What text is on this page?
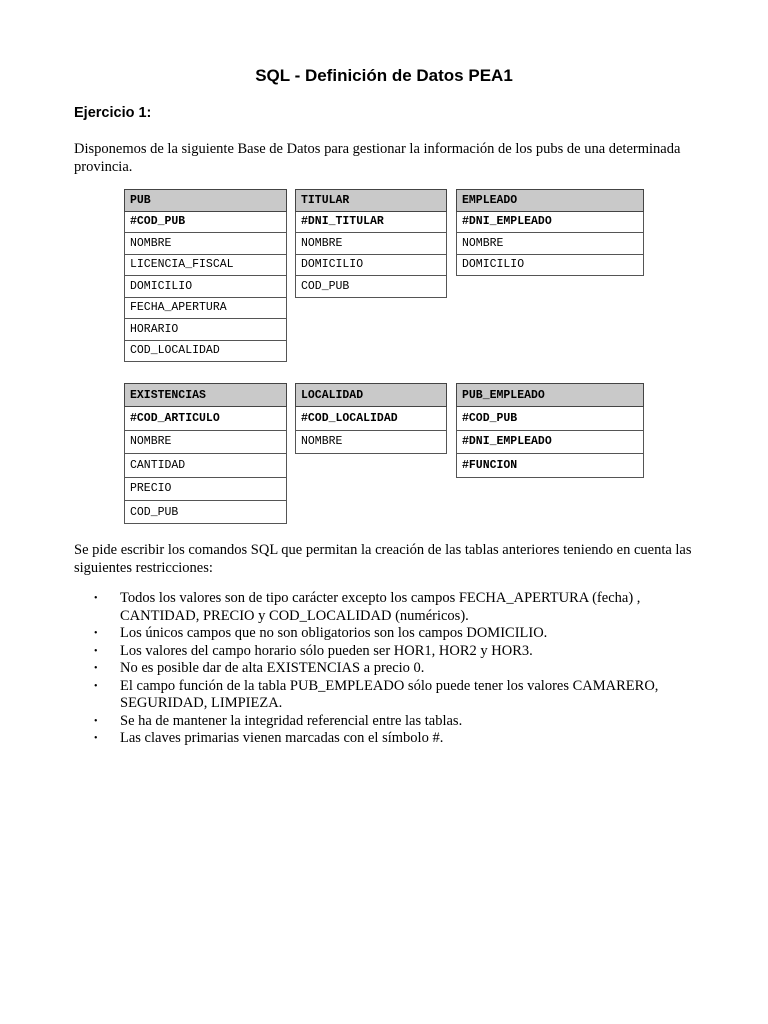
SQL - Definición de Datos PEA1
Ejercicio 1:
Disponemos de la siguiente Base de Datos para gestionar la información de los pubs de una determinada provincia.
PUB
#COD_PUB
NOMBRE
LICENCIA_FISCAL
DOMICILIO
FECHA_APERTURA
HORARIO
COD_LOCALIDAD
TITULAR
#DNI_TITULAR
NOMBRE
DOMICILIO
COD_PUB
EMPLEADO
#DNI_EMPLEADO
NOMBRE
DOMICILIO
EXISTENCIAS
#COD_ARTICULO
NOMBRE
CANTIDAD
PRECIO
COD_PUB
LOCALIDAD
#COD_LOCALIDAD
NOMBRE
PUB_EMPLEADO
#COD_PUB
#DNI_EMPLEADO
#FUNCION
Se pide escribir los comandos SQL que permitan la creación de las tablas anteriores teniendo en cuenta las siguientes restricciones:
• Todos los valores son de tipo carácter excepto los campos FECHA_APERTURA (fecha) , CANTIDAD, PRECIO y COD_LOCALIDAD (numéricos).
• Los únicos campos que no son obligatorios son los campos DOMICILIO.
• Los valores del campo horario sólo pueden ser HOR1, HOR2 y HOR3.
• No es posible dar de alta EXISTENCIAS a precio 0.
• El campo función de la tabla PUB_EMPLEADO sólo puede tener los valores CAMARERO, SEGURIDAD, LIMPIEZA.
• Se ha de mantener la integridad referencial entre las tablas.
• Las claves primarias vienen marcadas con el símbolo #.
